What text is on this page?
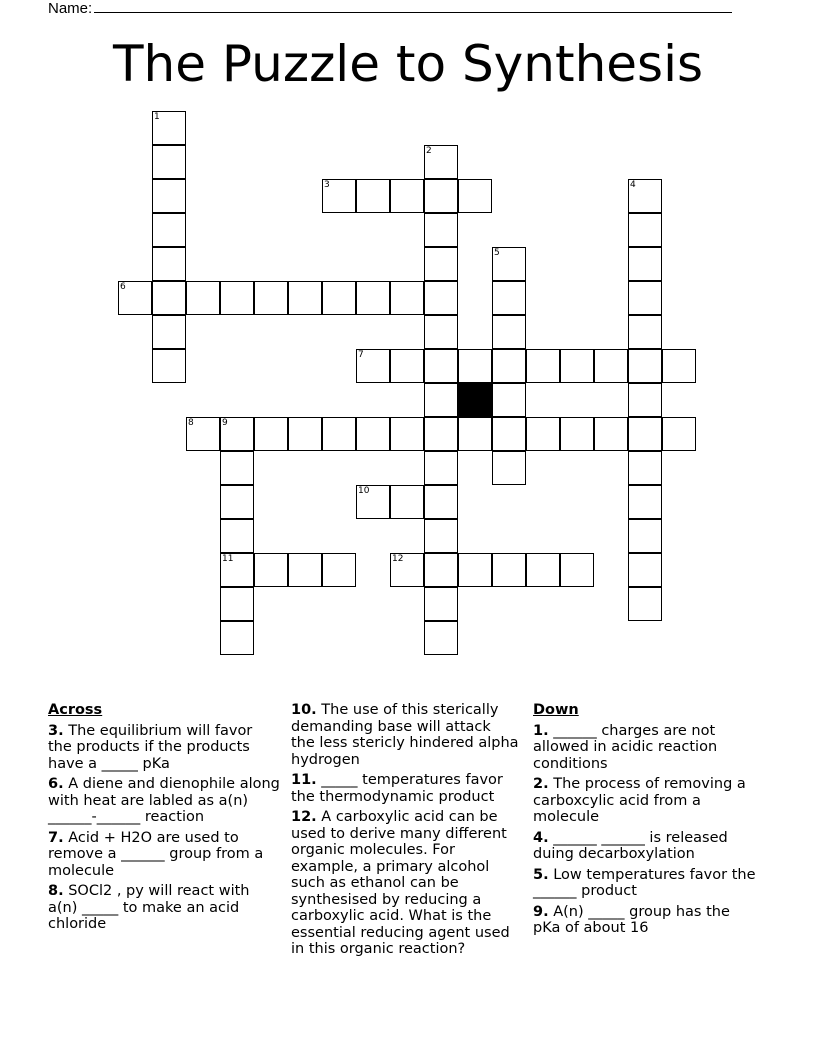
Name:
The Puzzle to Synthesis
1
2
3	4
5
6
7
8	9
11
10
12
Across
3. The equilibrium will favor the products if the products have a _____ pKa
6. A diene and dienophile along with heat are labled as a(n) ______-______ reaction
7. Acid + H2O are used to remove a ______ group from a molecule
8. SOCl2 , py will react with a(n) _____ to make an acid chloride
10. The use of this sterically demanding base will attack the less stericly hindered alpha hydrogen
11. _____ temperatures favor the thermodynamic product
12. A carboxylic acid can be used to derive many different organic molecules. For example, a primary alcohol such as ethanol can be synthesised by reducing a carboxylic acid. What is the essential reducing agent used in this organic reaction?
Down
1. ______ charges are not allowed in acidic reaction conditions
2. The process of removing a carboxcylic acid from a molecule
4. ______ ______ is released duing decarboxylation
5. Low temperatures favor the ______ product
9. A(n) _____ group has the pKa of about 16
